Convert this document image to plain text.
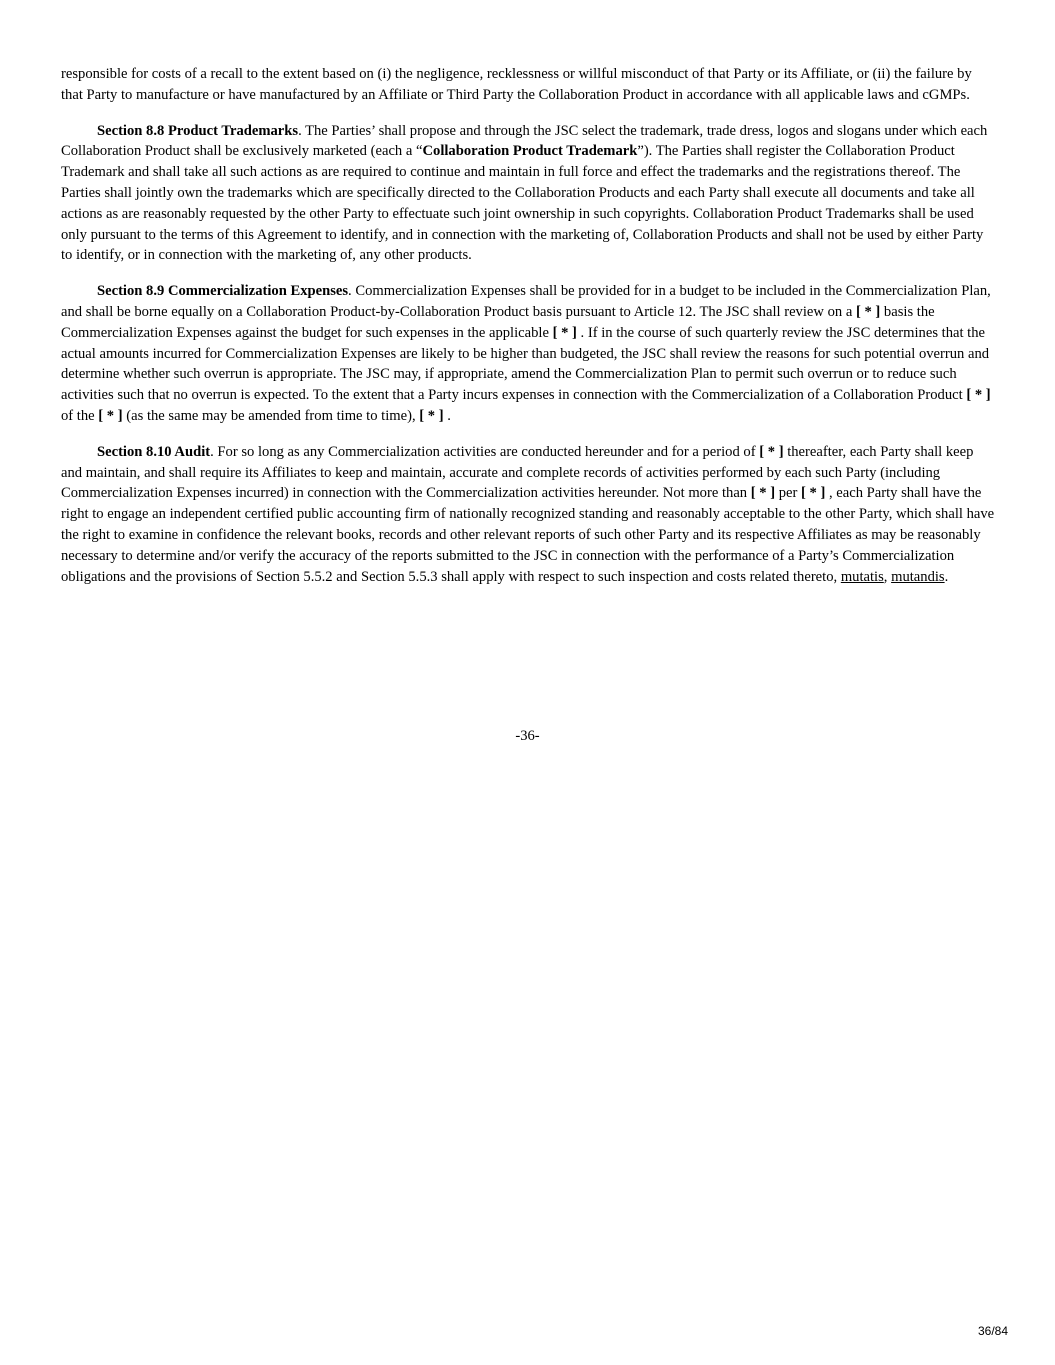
responsible for costs of a recall to the extent based on (i) the negligence, recklessness or willful misconduct of that Party or its Affiliate, or (ii) the failure by that Party to manufacture or have manufactured by an Affiliate or Third Party the Collaboration Product in accordance with all applicable laws and cGMPs.

Section 8.8 Product Trademarks. The Parties’ shall propose and through the JSC select the trademark, trade dress, logos and slogans under which each Collaboration Product shall be exclusively marketed (each a “Collaboration Product Trademark”). The Parties shall register the Collaboration Product Trademark and shall take all such actions as are required to continue and maintain in full force and effect the trademarks and the registrations thereof. The Parties shall jointly own the trademarks which are specifically directed to the Collaboration Products and each Party shall execute all documents and take all actions as are reasonably requested by the other Party to effectuate such joint ownership in such copyrights. Collaboration Product Trademarks shall be used only pursuant to the terms of this Agreement to identify, and in connection with the marketing of, Collaboration Products and shall not be used by either Party to identify, or in connection with the marketing of, any other products.

Section 8.9 Commercialization Expenses. Commercialization Expenses shall be provided for in a budget to be included in the Commercialization Plan, and shall be borne equally on a Collaboration Product-by-Collaboration Product basis pursuant to Article 12. The JSC shall review on a [ * ] basis the Commercialization Expenses against the budget for such expenses in the applicable [ * ] . If in the course of such quarterly review the JSC determines that the actual amounts incurred for Commercialization Expenses are likely to be higher than budgeted, the JSC shall review the reasons for such potential overrun and determine whether such overrun is appropriate. The JSC may, if appropriate, amend the Commercialization Plan to permit such overrun or to reduce such activities such that no overrun is expected. To the extent that a Party incurs expenses in connection with the Commercialization of a Collaboration Product [ * ] of the [ * ] (as the same may be amended from time to time), [ * ] .

Section 8.10 Audit. For so long as any Commercialization activities are conducted hereunder and for a period of [ * ] thereafter, each Party shall keep and maintain, and shall require its Affiliates to keep and maintain, accurate and complete records of activities performed by each such Party (including Commercialization Expenses incurred) in connection with the Commercialization activities hereunder. Not more than [ * ] per [ * ] , each Party shall have the right to engage an independent certified public accounting firm of nationally recognized standing and reasonably acceptable to the other Party, which shall have the right to examine in confidence the relevant books, records and other relevant reports of such other Party and its respective Affiliates as may be reasonably necessary to determine and/or verify the accuracy of the reports submitted to the JSC in connection with the performance of a Party’s Commercialization obligations and the provisions of Section 5.5.2 and Section 5.5.3 shall apply with respect to such inspection and costs related thereto, mutatis, mutandis.

-36-
36/84
